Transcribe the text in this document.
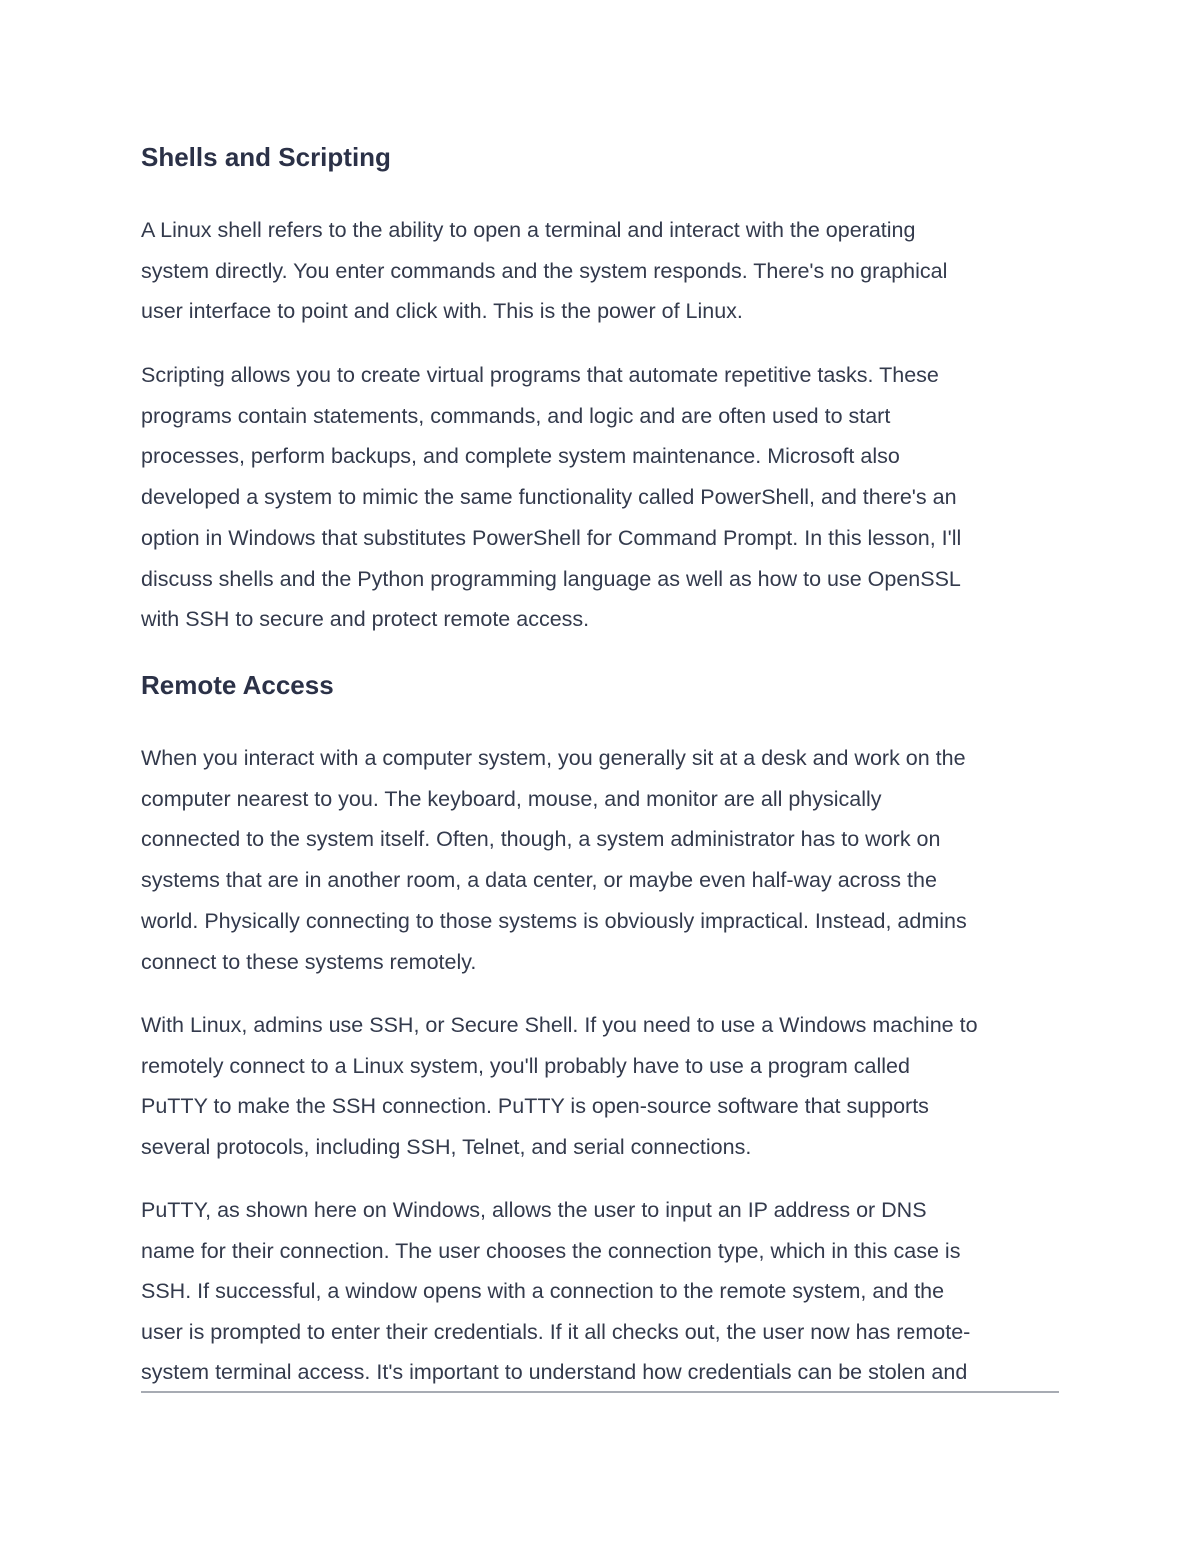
Shells and Scripting

A Linux shell refers to the ability to open a terminal and interact with the operating
system directly. You enter commands and the system responds. There's no graphical
user interface to point and click with. This is the power of Linux.

Scripting allows you to create virtual programs that automate repetitive tasks. These
programs contain statements, commands, and logic and are often used to start
processes, perform backups, and complete system maintenance. Microsoft also
developed a system to mimic the same functionality called PowerShell, and there's an
option in Windows that substitutes PowerShell for Command Prompt. In this lesson, I'll
discuss shells and the Python programming language as well as how to use OpenSSL
with SSH to secure and protect remote access.

Remote Access

When you interact with a computer system, you generally sit at a desk and work on the
computer nearest to you. The keyboard, mouse, and monitor are all physically
connected to the system itself. Often, though, a system administrator has to work on
systems that are in another room, a data center, or maybe even half-way across the
world. Physically connecting to those systems is obviously impractical. Instead, admins
connect to these systems remotely.

With Linux, admins use SSH, or Secure Shell. If you need to use a Windows machine to
remotely connect to a Linux system, you'll probably have to use a program called
PuTTY to make the SSH connection. PuTTY is open-source software that supports
several protocols, including SSH, Telnet, and serial connections.

PuTTY, as shown here on Windows, allows the user to input an IP address or DNS
name for their connection. The user chooses the connection type, which in this case is
SSH. If successful, a window opens with a connection to the remote system, and the
user is prompted to enter their credentials. If it all checks out, the user now has remote-
system terminal access. It's important to understand how credentials can be stolen and
